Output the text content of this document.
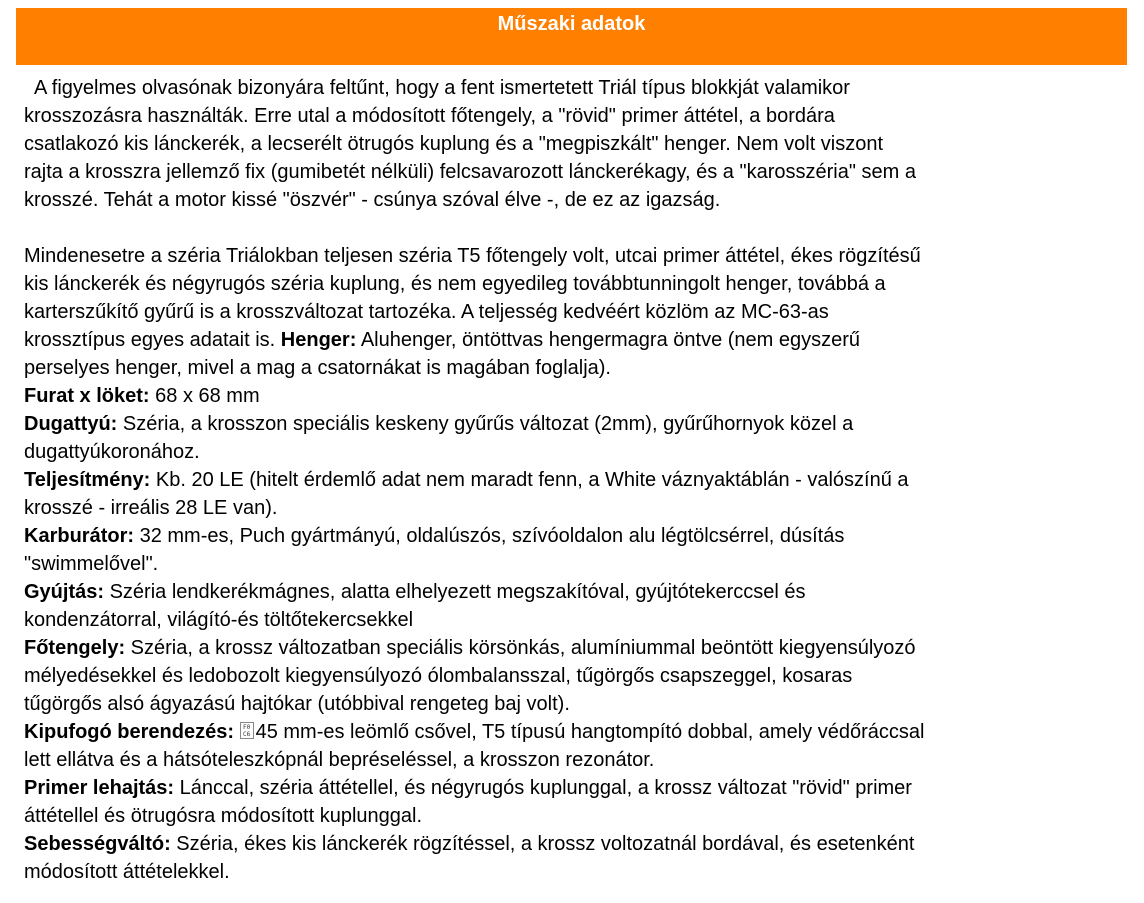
Műszaki adatok

A figyelmes olvasónak bizonyára feltűnt, hogy a fent ismertetett Triál típus blokkját valamikor
krosszozásra használták. Erre utal a módosított főtengely, a "rövid" primer áttétel, a bordára
csatlakozó kis lánckerék, a lecserélt ötrugós kuplung és a "megpiszkált" henger. Nem volt viszont
rajta a krosszra jellemző fix (gumibetét nélküli) felcsavarozott lánckerékagy, és a "karosszéria" sem a
krosszé. Tehát a motor kissé "öszvér" - csúnya szóval élve -, de ez az igazság.

Mindenesetre a széria Triálokban teljesen széria T5 főtengely volt, utcai primer áttétel, ékes rögzítésű
kis lánckerék és négyrugós széria kuplung, és nem egyedileg továbbtunningolt henger, továbbá a
karterszűkítő gyűrű is a krosszváltozat tartozéka. A teljesség kedvéért közlöm az MC-63-as
krossztípus egyes adatait is. Henger: Aluhenger, öntöttvas hengermagra öntve (nem egyszerű
perselyes henger, mivel a mag a csatornákat is magában foglalja).

Furat x löket: 68 x 68 mm
Dugattyú: Széria, a krosszon speciális keskeny gyűrűs változat (2mm), gyűrűhornyok közel a
dugattyúkoronához.
Teljesítmény: Kb. 20 LE (hitelt érdemlő adat nem maradt fenn, a White váznyaktáblán - valószínű a
krosszé - irreális 28 LE van).
Karburátor: 32 mm-es, Puch gyártmányú, oldalúszós, szívóoldalon alu légtölcsérrel, dúsítás
"swimmelővel".
Gyújtás: Széria lendkerékmágnes, alatta elhelyezett megszakítóval, gyújtótekerccsel és
kondenzátorral, világító-és töltőtekercsekkel
Főtengely: Széria, a krossz változatban speciális körsönkás, alumíniummal beöntött kiegyensúlyozó
mélyedésekkel és ledobozolt kiegyensúlyozó ólombalansszal, tűgörgős csapszeggel, kosaras
tűgörgős alsó ágyazású hajtókar (utóbbival rengeteg baj volt).
Kipufogó berendezés: F0
C6 45 mm-es leömlő csővel, T5 típusú hangtompító dobbal, amely védőráccsal
lett ellátva és a hátsóteleszkópnál bepréseléssel, a krosszon rezonátor.
Primer lehajtás: Lánccal, széria áttétellel, és négyrugós kuplunggal, a krossz változat "rövid" primer
áttétellel és ötrugósra módosított kuplunggal.
Sebességváltó: Széria, ékes kis lánckerék rögzítéssel, a krossz voltozatnál bordával, és esetenként
módosított áttételekkel.
